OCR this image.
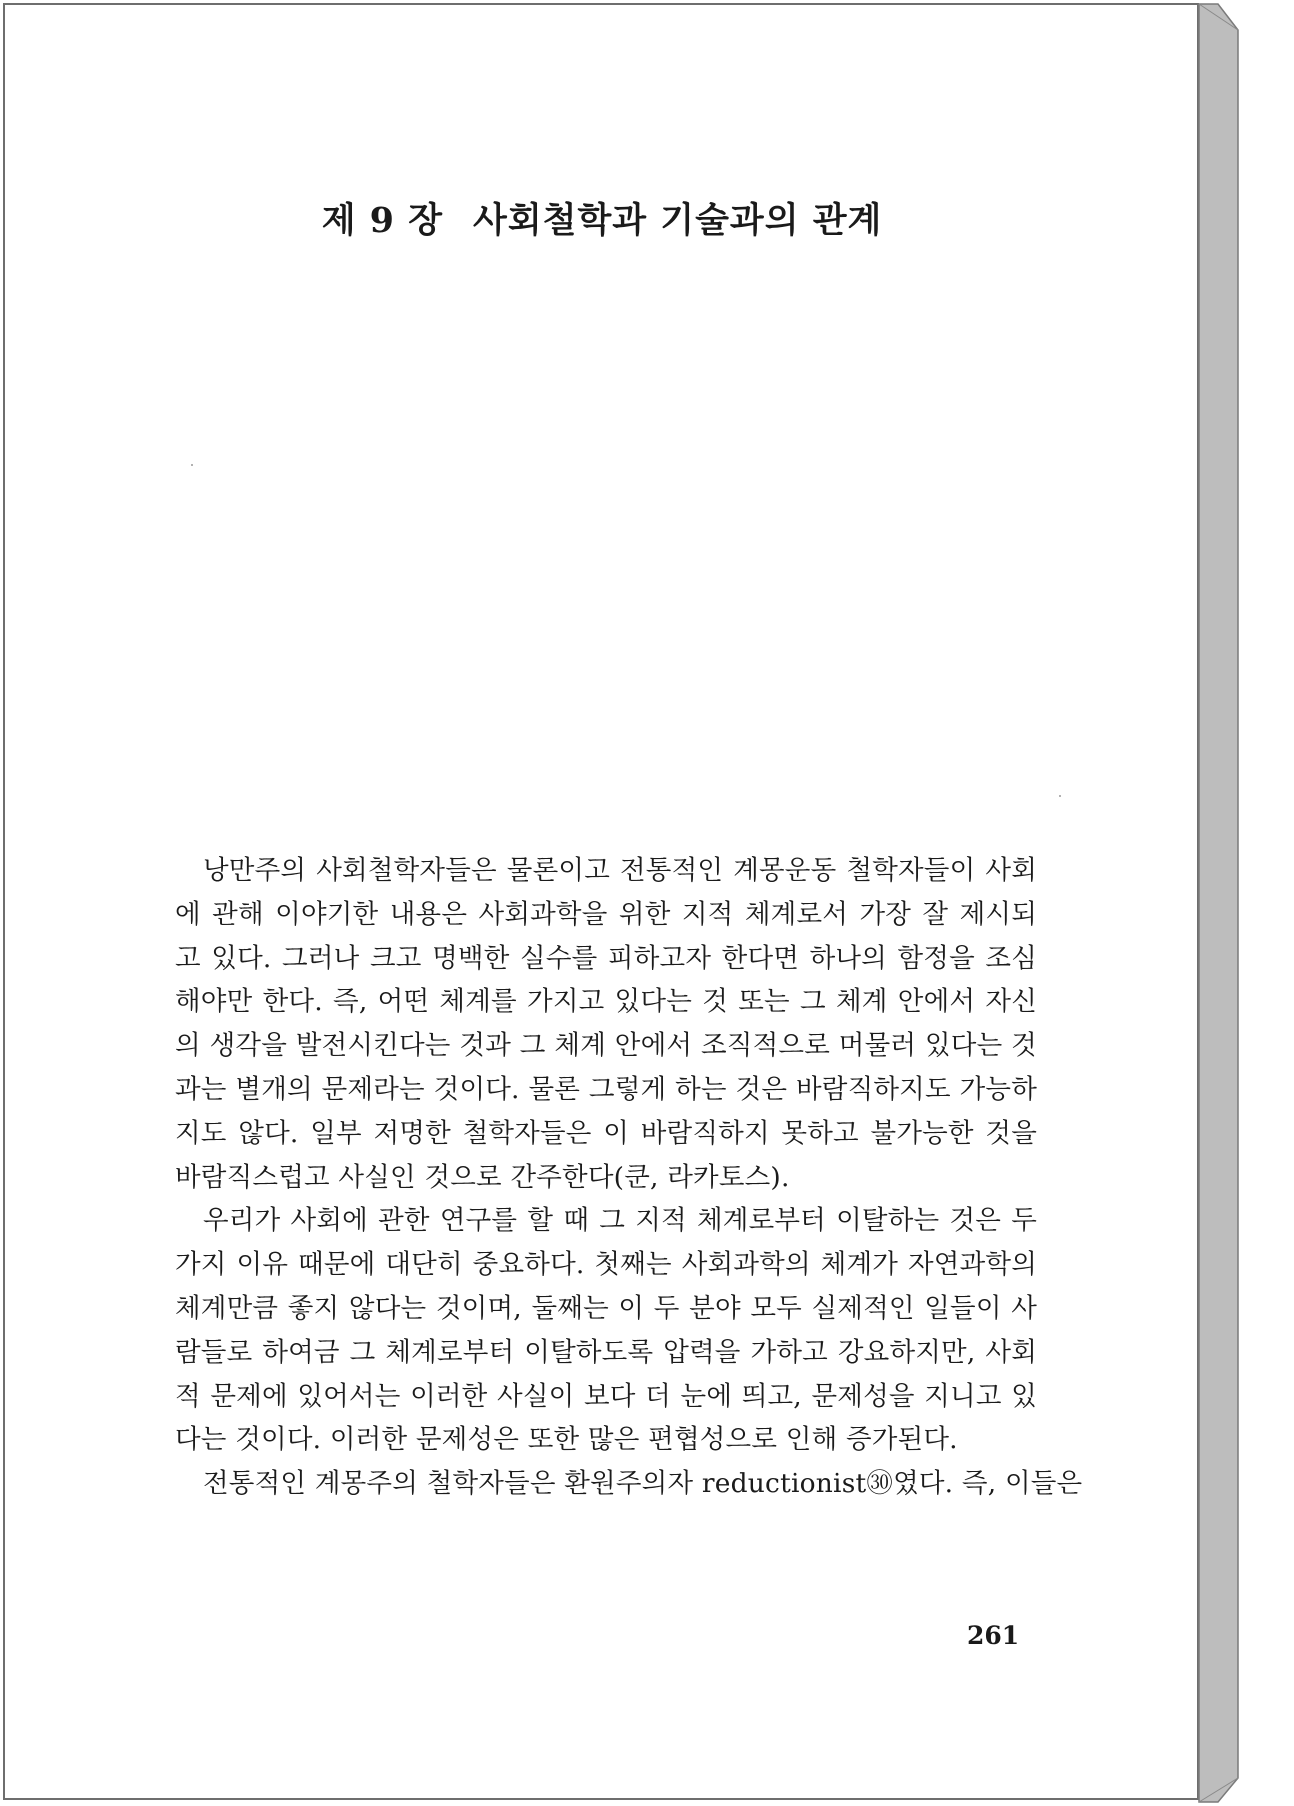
제 9 장 사회철학과 기술과의 관계
낭만주의 사회철학자들은 물론이고 전통적인 계몽운동 철학자들이 사회
에 관해 이야기한 내용은 사회과학을 위한 지적 체계로서 가장 잘 제시되
고 있다. 그러나 크고 명백한 실수를 피하고자 한다면 하나의 함정을 조심
해야만 한다. 즉, 어떤 체계를 가지고 있다는 것 또는 그 체계 안에서 자신
의 생각을 발전시킨다는 것과 그 체계 안에서 조직적으로 머물러 있다는 것
과는 별개의 문제라는 것이다. 물론 그렇게 하는 것은 바람직하지도 가능하
지도 않다. 일부 저명한 철학자들은 이 바람직하지 못하고 불가능한 것을
바람직스럽고 사실인 것으로 간주한다(쿤, 라카토스).
우리가 사회에 관한 연구를 할 때 그 지적 체계로부터 이탈하는 것은 두
가지 이유 때문에 대단히 중요하다. 첫째는 사회과학의 체계가 자연과학의
체계만큼 좋지 않다는 것이며, 둘째는 이 두 분야 모두 실제적인 일들이 사
람들로 하여금 그 체계로부터 이탈하도록 압력을 가하고 강요하지만, 사회
적 문제에 있어서는 이러한 사실이 보다 더 눈에 띄고, 문제성을 지니고 있
다는 것이다. 이러한 문제성은 또한 많은 편협성으로 인해 증가된다.
전통적인 계몽주의 철학자들은 환원주의자 reductionist㉚였다. 즉, 이들은

261
